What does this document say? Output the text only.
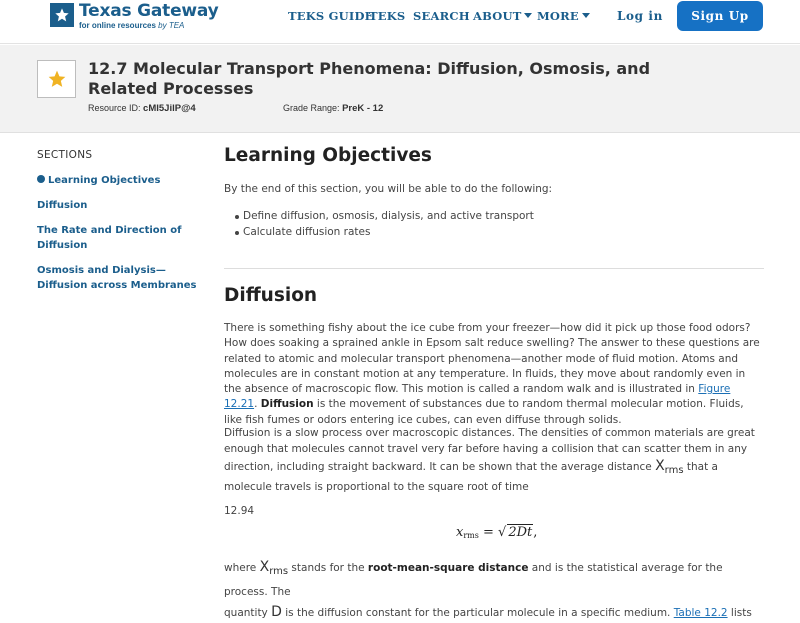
Texas Gateway
for online resources by TEA
TEKS GUIDE
TEKS SEARCH ABOUT	MORE	Log in	Sign Up
12.7 Molecular Transport Phenomena: Diffusion, Osmosis, and Related Processes
Resource ID: cMI5JilP@4	Grade Range: PreK - 12
SECTIONS
Learning Objectives
Diffusion
The Rate and Direction of Diffusion
Osmosis and Dialysis—Diffusion across Membranes
Learning Objectives
By the end of this section, you will be able to do the following:
Define diffusion, osmosis, dialysis, and active transport
Calculate diffusion rates
Diffusion
There is something fishy about the ice cube from your freezer—how did it pick up those food odors? How does soaking a sprained ankle in Epsom salt reduce swelling? The answer to these questions are related to atomic and molecular transport phenomena—another mode of fluid motion. Atoms and molecules are in constant motion at any temperature. In fluids, they move about randomly even in the absence of macroscopic flow. This motion is called a random walk and is illustrated in Figure 12.21. Diffusion is the movement of substances due to random thermal molecular motion. Fluids, like fish fumes or odors entering ice cubes, can even diffuse through solids.
Diffusion is a slow process over macroscopic distances. The densities of common materials are great enough that molecules cannot travel very far before having a collision that can scatter them in any direction, including straight backward. It can be shown that the average distance $X_{rms}$ that a molecule travels is proportional to the square root of time
12.94
$x_{rms}$ = √ 2Dt,
where $X_{rms}$ stands for the root-mean-square distance and is the statistical average for the process. The
quantity D is the diffusion constant for the particular molecule in a specific medium. Table 12.2 lists
